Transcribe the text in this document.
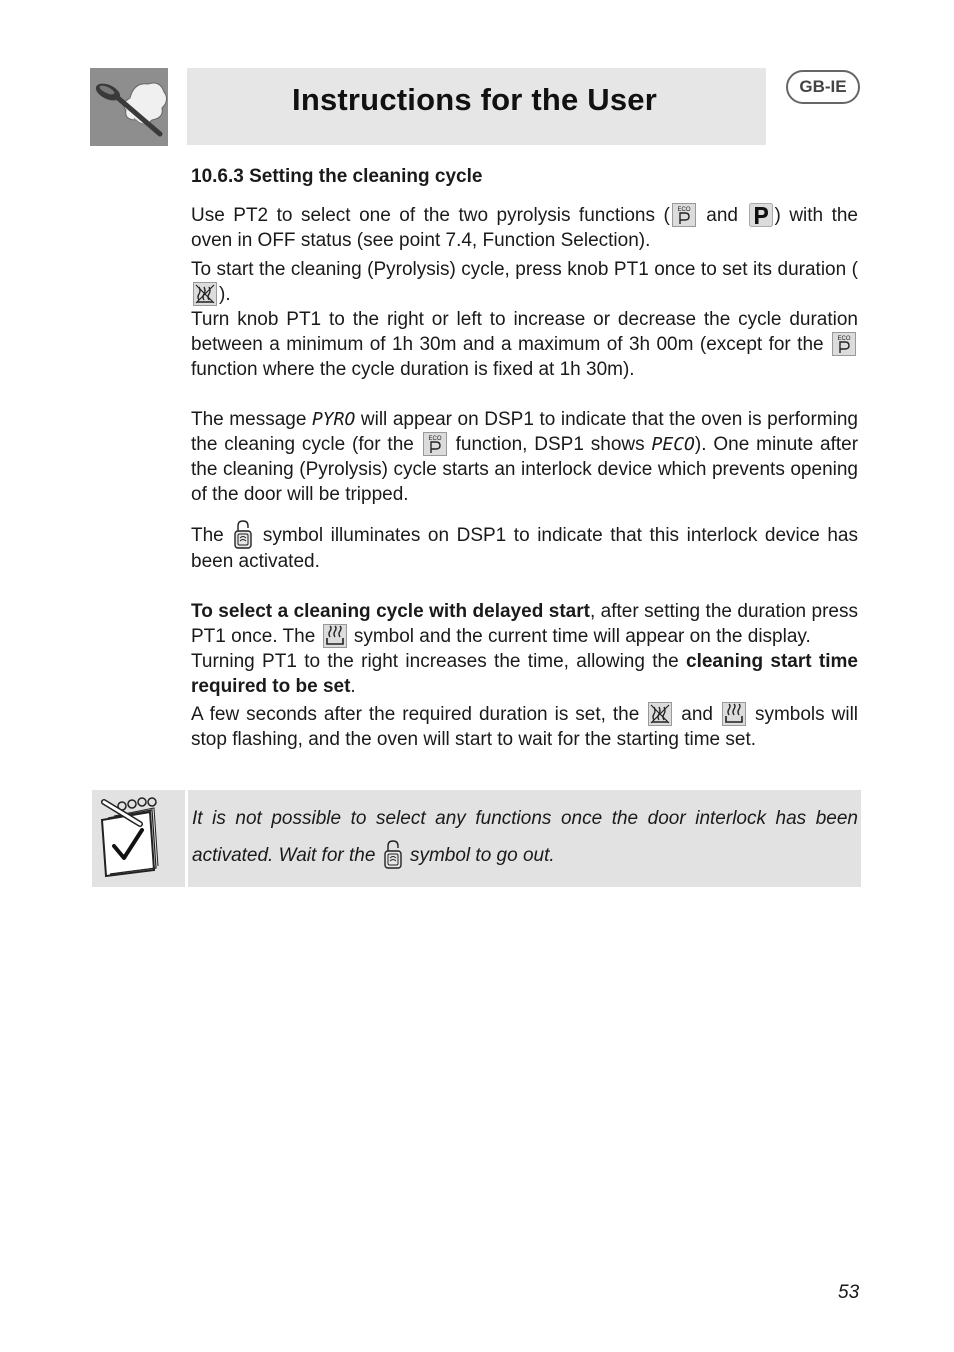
Instructions for the User	GB-IE
10.6.3 Setting the cleaning cycle

Use PT2 to select one of the two pyrolysis functions ( and ) with the oven in OFF status (see point 7.4, Function Selection).

To start the cleaning (Pyrolysis) cycle, press knob PT1 once to set its duration ().

Turn knob PT1 to the right or left to increase or decrease the cycle duration between a minimum of 1h 30m and a maximum of 3h 00m (except for the  function where the cycle duration is fixed at 1h 30m).

The message PYRO will appear on DSP1 to indicate that the oven is performing the cleaning cycle (for the function, DSP1 shows PECO). One minute after the cleaning (Pyrolysis) cycle starts an interlock device which prevents opening of the door will be tripped.

The symbol illuminates on DSP1 to indicate that this interlock device has been activated.

To select a cleaning cycle with delayed start, after setting the duration press PT1 once. The symbol and the current time will appear on the display.

Turning PT1 to the right increases the time, allowing the cleaning start time required to be set.

A few seconds after the required duration is set, the and symbols will stop flashing, and the oven will start to wait for the starting time set.

It is not possible to select any functions once the door interlock has been activated. Wait for the symbol to go out.

53
